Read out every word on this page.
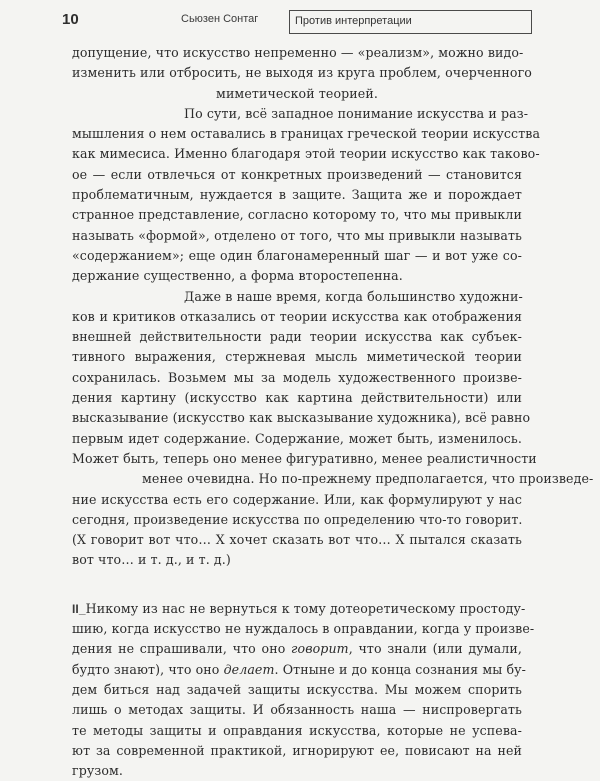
10	Сьюзен Сонтаг	Против интерпретации

допущение, что искусство непременно — «реализм», можно видо-
изменить или отбросить, не выходя из круга проблем, очерченного
миметической теорией.

По сути, всё западное понимание искусства и раз-
мышления о нем оставались в границах греческой теории искусства
как мимесиса. Именно благодаря этой теории искусство как таково-
ое — если отвлечься от конкретных произведений — становится
проблематичным, нуждается в защите. Защита же и порождает
странное представление, согласно которому то, что мы привыкли
называть «формой», отделено от того, что мы привыкли называть
«содержанием»; еще один благонамеренный шаг — и вот уже со-
держание существенно, а форма второстепенна.

Даже в наше время, когда большинство художни-
ков и критиков отказались от теории искусства как отображения
внешней действительности ради теории искусства как субъек-
тивного выражения, стержневая мысль миметической теории
сохранилась. Возьмем мы за модель художественного произве-
дения картину (искусство как картина действительности) или
высказывание (искусство как высказывание художника), всё равно
первым идет содержание. Содержание, может быть, изменилось.
Может быть, теперь оно менее фигуративно, менее реалистичности
менее очевидна. Но по-прежнему предполагается, что произведе-
ние искусства есть его содержание. Или, как формулируют у нас
сегодня, произведение искусства по определению что-то говорит.
(Х говорит вот что… Х хочет сказать вот что… Х пытался сказать
вот что… и т. д., и т. д.)

II_Никому из нас не вернуться к тому дотеоретическому простоду-
шию, когда искусство не нуждалось в оправдании, когда у произве-
дения не спрашивали, что оно говорит, что знали (или думали,
будто знают), что оно делает. Отныне и до конца сознания мы бу-
дем биться над задачей защиты искусства. Мы можем спорить
лишь о методах защиты. И обязанность наша — ниспровергать
те методы защиты и оправдания искусства, которые не успева-
ют за современной практикой, игнорируют ее, повисают на ней
грузом.
